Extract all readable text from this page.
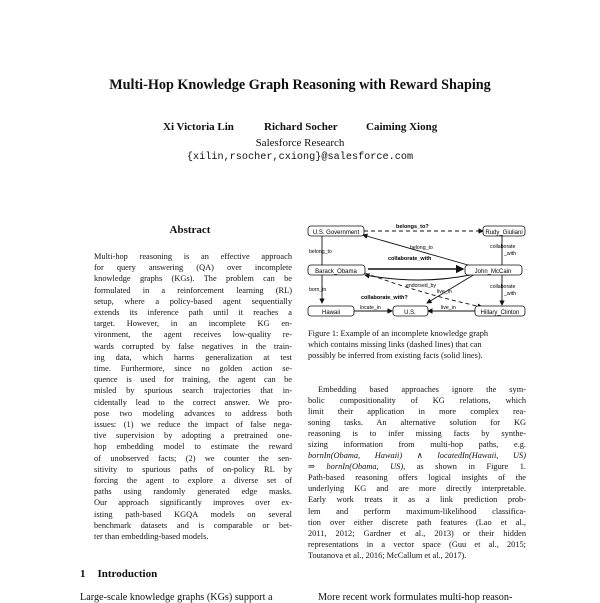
Multi-Hop Knowledge Graph Reasoning with Reward Shaping
Xi Victoria Lin	Richard Socher	Caiming Xiong
Salesforce Research
{xilin,rsocher,cxiong}@salesforce.com
Abstract
Multi-hop reasoning is an effective approach
for query answering (QA) over incomplete
knowledge graphs (KGs). The problem can be
formulated in a reinforcement learning (RL)
setup, where a policy-based agent sequentially
extends its inference path until it reaches a
target. However, in an incomplete KG en-
vironment, the agent receives low-quality re-
wards corrupted by false negatives in the train-
ing data, which harms generalization at test
time. Furthermore, since no golden action se-
quence is used for training, the agent can be
misled by spurious search trajectories that in-
cidentally lead to the correct answer. We pro-
pose two modeling advances to address both
issues: (1) we reduce the impact of false nega-
tive supervision by adopting a pretrained one-
hop embedding model to estimate the reward
of unobserved facts; (2) we counter the sen-
sitivity to spurious paths of on-policy RL by
forcing the agent to explore a diverse set of
paths using randomly generated edge masks.
Our approach significantly improves over ex-
isting path-based KGQA models on several
benchmark datasets and is comparable or bet-
ter than embedding-based models.
1 Introduction
Large-scale knowledge graphs (KGs) support a
U.S. Government	Rudy_Giuliani
Barack_Obama	John_McCain
Hawaii	U.S.	Hillary_Clinton
belongs_to?
belong_to
belong_to
collaborate_with
collaborate
_with
collaborate
_with
endorsed_by
collaborate_with?
born_in	live_in
locate_in	live_in
Figure 1: Example of an incomplete knowledge graph
which contains missing links (dashed lines) that can
possibly be inferred from existing facts (solid lines).
Embedding based approaches ignore the sym-
bolic compositionality of KG relations, which
limit their application in more complex rea-
soning tasks. An alternative solution for KG
reasoning is to infer missing facts by synthe-
sizing information from multi-hop paths, e.g.
bornIn(Obama, Hawaii) ∧ locatedIn(Hawaii, US)
⇒ bornIn(Obama, US), as shown in Figure 1.
Path-based reasoning offers logical insights of the
underlying KG and are more directly interpretable.
Early work treats it as a link prediction prob-
lem and perform maximum-likelihood classifica-
tion over either discrete path features (Lao et al.,
2011, 2012; Gardner et al., 2013) or their hidden
representations in a vector space (Guu et al., 2015;
Toutanova et al., 2016; McCallum et al., 2017).
More recent work formulates multi-hop reason-
